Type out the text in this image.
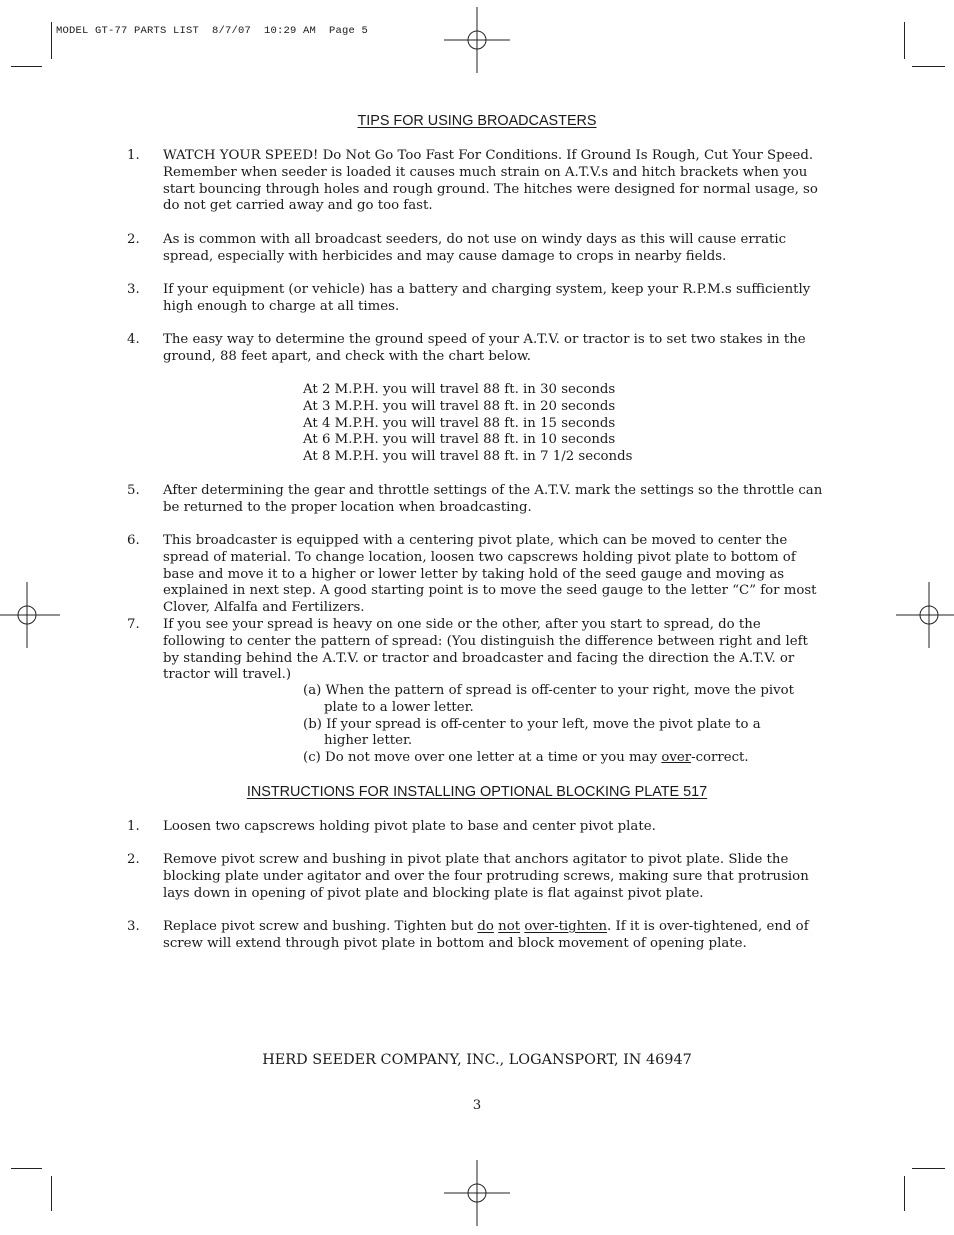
MODEL GT-77 PARTS LIST  8/7/07  10:29 AM  Page 5
TIPS FOR USING BROADCASTERS
1. WATCH YOUR SPEED! Do Not Go Too Fast For Conditions. If Ground Is Rough, Cut Your Speed. Remember when seeder is loaded it causes much strain on A.T.V.s and hitch brackets when you start bouncing through holes and rough ground. The hitches were designed for normal usage, so do not get carried away and go too fast.
2. As is common with all broadcast seeders, do not use on windy days as this will cause erratic spread, especially with herbicides and may cause damage to crops in nearby fields.
3. If your equipment (or vehicle) has a battery and charging system, keep your R.P.M.s sufficiently high enough to charge at all times.
4. The easy way to determine the ground speed of your A.T.V. or tractor is to set two stakes in the ground, 88 feet apart, and check with the chart below.
At 2 M.P.H. you will travel 88 ft. in 30 seconds
At 3 M.P.H. you will travel 88 ft. in 20 seconds
At 4 M.P.H. you will travel 88 ft. in 15 seconds
At 6 M.P.H. you will travel 88 ft. in 10 seconds
At 8 M.P.H. you will travel 88 ft. in 7 1/2 seconds
5. After determining the gear and throttle settings of the A.T.V. mark the settings so the throttle can be returned to the proper location when broadcasting.
6. This broadcaster is equipped with a centering pivot plate, which can be moved to center the spread of material. To change location, loosen two capscrews holding pivot plate to bottom of base and move it to a higher or lower letter by taking hold of the seed gauge and moving as explained in next step. A good starting point is to move the seed gauge to the letter “C” for most Clover, Alfalfa and Fertilizers.
7. If you see your spread is heavy on one side or the other, after you start to spread, do the following to center the pattern of spread: (You distinguish the difference between right and left by standing behind the A.T.V. or tractor and broadcaster and facing the direction the A.T.V. or tractor will travel.)
(a) When the pattern of spread is off-center to your right, move the pivot plate to a lower letter.
(b) If your spread is off-center to your left, move the pivot plate to a higher letter.
(c) Do not move over one letter at a time or you may over-correct.
INSTRUCTIONS FOR INSTALLING OPTIONAL BLOCKING PLATE 517
1. Loosen two capscrews holding pivot plate to base and center pivot plate.
2. Remove pivot screw and bushing in pivot plate that anchors agitator to pivot plate. Slide the blocking plate under agitator and over the four protruding screws, making sure that protrusion lays down in opening of pivot plate and blocking plate is flat against pivot plate.
3. Replace pivot screw and bushing. Tighten but do not over-tighten. If it is over-tightened, end of screw will extend through pivot plate in bottom and block movement of opening plate.
HERD SEEDER COMPANY, INC., LOGANSPORT, IN 46947
3
